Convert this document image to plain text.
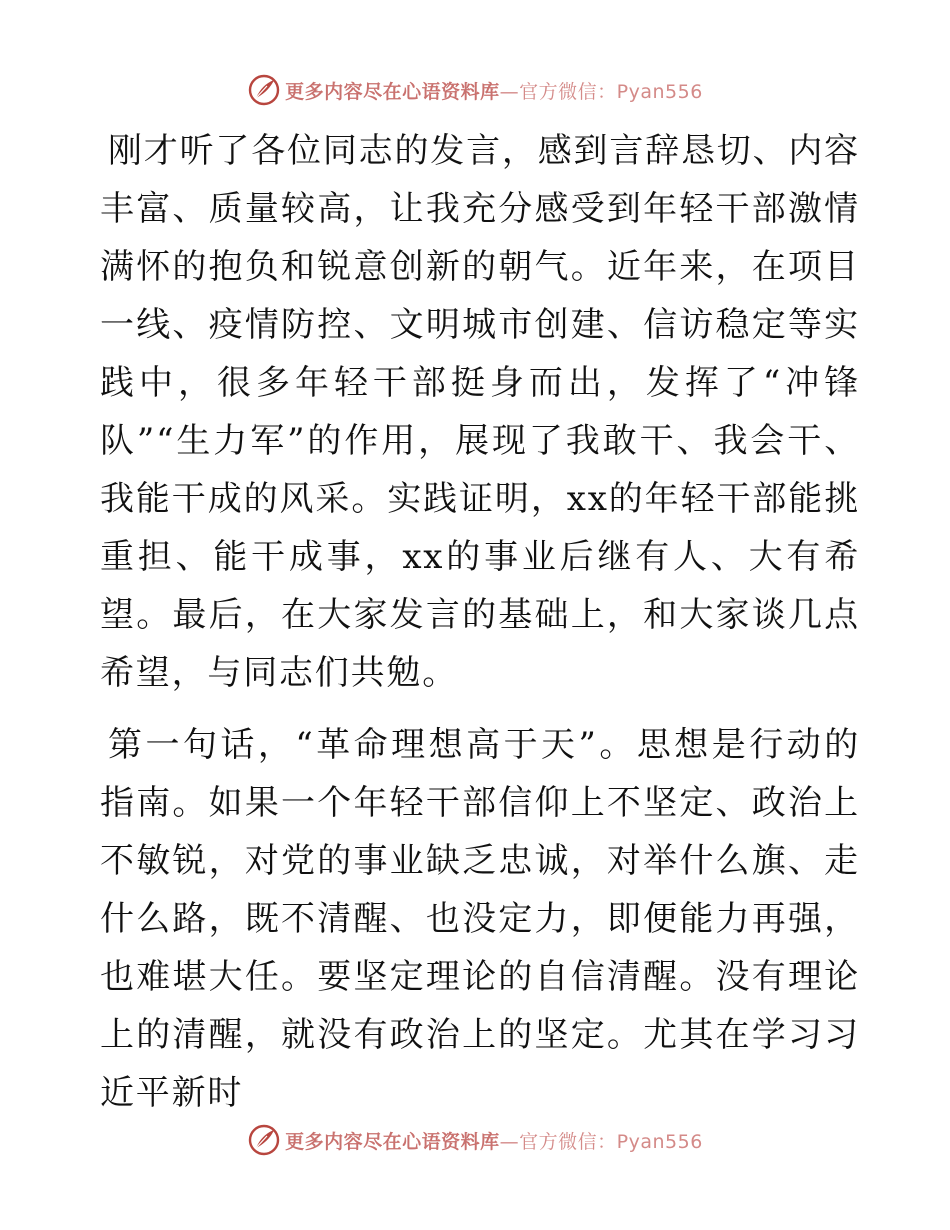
更多内容尽在心语资料库—官方微信：Pyan556

刚才听了各位同志的发言，感到言辞恳切、内容丰富、质量较高，让我充分感受到年轻干部激情满怀的抱负和锐意创新的朝气。近年来，在项目一线、疫情防控、文明城市创建、信访稳定等实践中，很多年轻干部挺身而出，发挥了“冲锋队”“生力军”的作用，展现了我敢干、我会干、我能干成的风采。实践证明，xx的年轻干部能挑重担、能干成事，xx的事业后继有人、大有希望。最后，在大家发言的基础上，和大家谈几点希望，与同志们共勉。

第一句话，“革命理想高于天”。思想是行动的指南。如果一个年轻干部信仰上不坚定、政治上不敏锐，对党的事业缺乏忠诚，对举什么旗、走什么路，既不清醒、也没定力，即便能力再强，也难堪大任。要坚定理论的自信清醒。没有理论上的清醒，就没有政治上的坚定。尤其在学习习近平新时

更多内容尽在心语资料库—官方微信：Pyan556
